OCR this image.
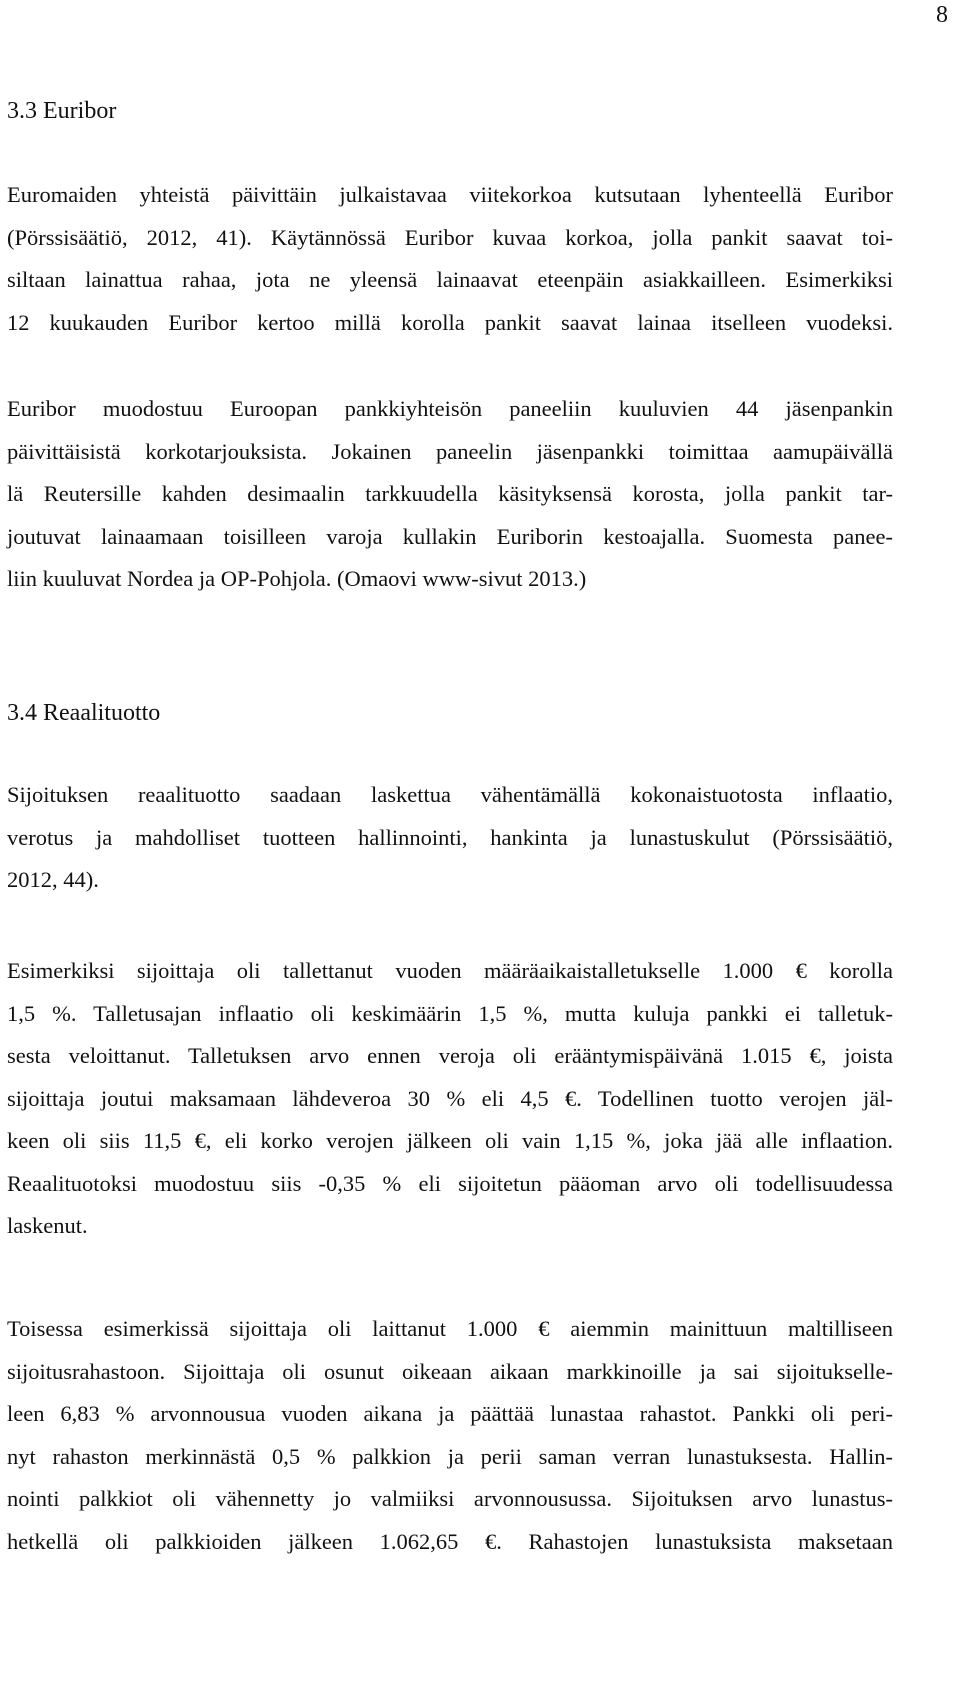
8
3.3 Euribor

Euromaiden yhteistä päivittäin julkaistavaa viitekorkoa kutsutaan lyhenteellä Euribor
(Pörssisäätiö, 2012, 41). Käytännössä Euribor kuvaa korkoa, jolla pankit saavat toi-
siltaan lainattua rahaa, jota ne yleensä lainaavat eteenpäin asiakkailleen. Esimerkiksi
12 kuukauden Euribor kertoo millä korolla pankit saavat lainaa itselleen vuodeksi.

Euribor muodostuu Euroopan pankkiyhteisön paneeliin kuuluvien 44 jäsenpankin
päivittäisistä korkotarjouksista. Jokainen paneelin jäsenpankki toimittaa aamupäivällä
lä Reutersille kahden desimaalin tarkkuudella käsityksensä korosta, jolla pankit tar-
joutuvat lainaamaan toisilleen varoja kullakin Euriborin kestoajalla. Suomesta panee-
liin kuuluvat Nordea ja OP-Pohjola. (Omaovi www-sivut 2013.)

3.4 Reaalituotto

Sijoituksen reaalituotto saadaan laskettua vähentämällä kokonaistuotosta inflaatio,
verotus ja mahdolliset tuotteen hallinnointi, hankinta ja lunastuskulut (Pörssisäätiö,
2012, 44).

Esimerkiksi sijoittaja oli tallettanut vuoden määräaikaistalletukselle 1.000 € korolla
1,5 %. Talletusajan inflaatio oli keskimäärin 1,5 %, mutta kuluja pankki ei talletuk-
sesta veloittanut. Talletuksen arvo ennen veroja oli erääntymispäivänä 1.015 €, joista
sijoittaja joutui maksamaan lähdeveroa 30 % eli 4,5 €. Todellinen tuotto verojen jäl-
keen oli siis 11,5 €, eli korko verojen jälkeen oli vain 1,15 %, joka jää alle inflaation.
Reaalituotoksi muodostuu siis -0,35 % eli sijoitetun pääoman arvo oli todellisuudessa
laskenut.

Toisessa esimerkissä sijoittaja oli laittanut 1.000 € aiemmin mainittuun maltilliseen
sijoitusrahastoon. Sijoittaja oli osunut oikeaan aikaan markkinoille ja sai sijoitukselle-
leen 6,83 % arvonnousua vuoden aikana ja päättää lunastaa rahastot. Pankki oli peri-
nyt rahaston merkinnästä 0,5 % palkkion ja perii saman verran lunastuksesta. Hallin-
nointi palkkiot oli vähennetty jo valmiiksi arvonnousussa. Sijoituksen arvo lunastus-
hetkellä oli palkkioiden jälkeen 1.062,65 €. Rahastojen lunastuksista maksetaan
